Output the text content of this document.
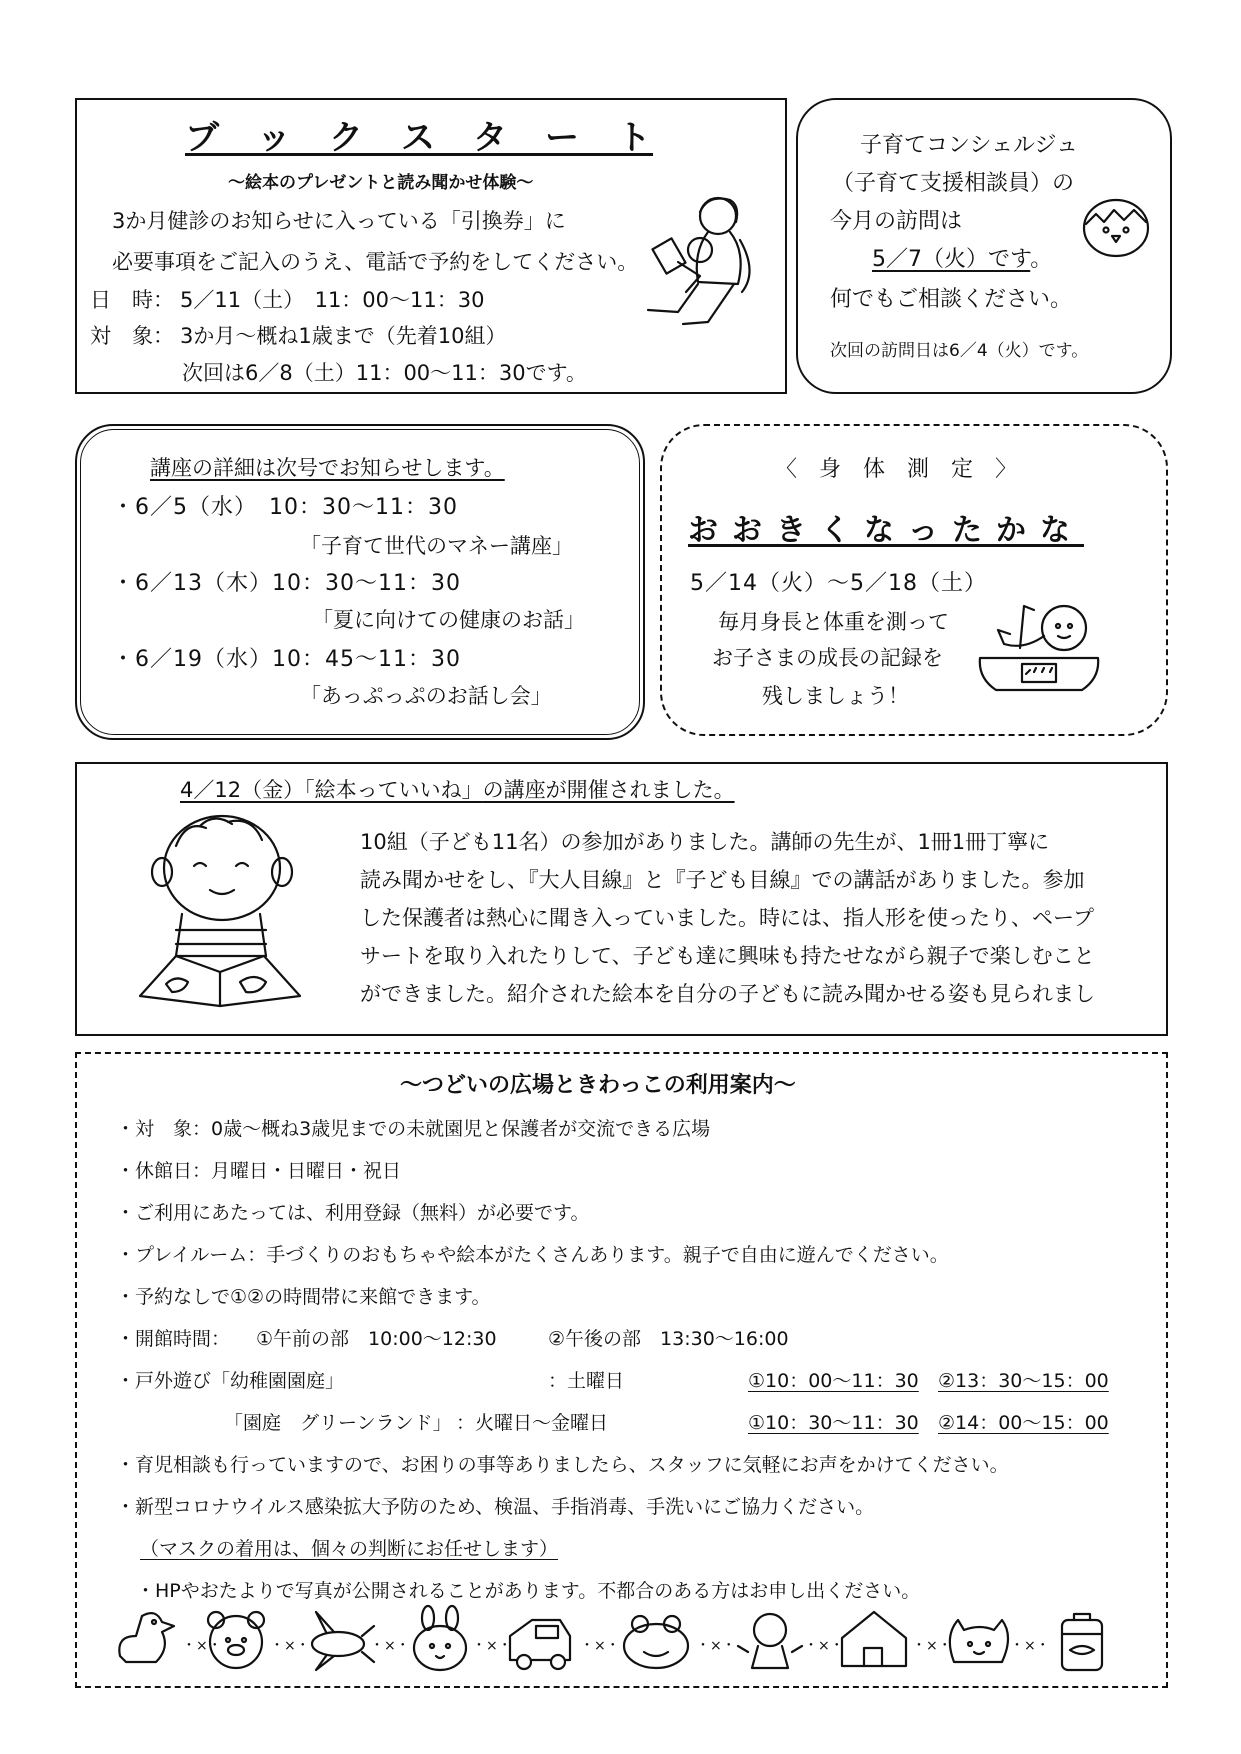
ブ　ッ　ク　ス　タ　ー　ト
～絵本のプレゼントと読み聞かせ体験～
3か月健診のお知らせに入っている「引換券」に
必要事項をご記入のうえ、電話で予約をしてください。
日　時： 5／11（土）　11：00～11：30
対　象： 3か月～概ね1歳まで（先着10組）
次回は6／8（土）11：00～11：30です。
子育てコンシェルジュ
（子育て支援相談員）の
今月の訪問は
5／7（火）です。
何でもご相談ください。
次回の訪問日は6／4（火）です。
講座の詳細は次号でお知らせします。
・6／5（水）　10：30～11：30
「子育て世代のマネー講座」
・6／13（木）10：30～11：30
「夏に向けての健康のお話」
・6／19（水）10：45～11：30
「あっぷっぷのお話し会」
〈　身　体　測　定　〉
おおきくなったかな
5／14（火）～5／18（土）
毎月身長と体重を測って
お子さまの成長の記録を
残しましょう！
4／12（金）「絵本っていいね」の講座が開催されました。
10組（子ども11名）の参加がありました。講師の先生が、1冊1冊丁寧に
読み聞かせをし、『大人目線』と『子ども目線』での講話がありました。参加
した保護者は熱心に聞き入っていました。時には、指人形を使ったり、ペープ
サートを取り入れたりして、子ども達に興味も持たせながら親子で楽しむこと
ができました。紹介された絵本を自分の子どもに読み聞かせる姿も見られまし
～つどいの広場ときわっこの利用案内～
・対　象：0歳～概ね3歳児までの未就園児と保護者が交流できる広場
・休館日：月曜日・日曜日・祝日
・ご利用にあたっては、利用登録（無料）が必要です。
・プレイルーム：手づくりのおもちゃや絵本がたくさんあります。親子で自由に遊んでください。
・予約なしで①②の時間帯に来館できます。
・開館時間： ①午前の部　10:00～12:30	②午後の部　13:30～16:00
・戸外遊び「幼稚園園庭」	：土曜日	①10：00～11：30 ②13：30～15：00
「園庭　グリーンランド」 ：火曜日～金曜日	①10：30～11：30 ②14：00～15：00
・育児相談も行っていますので、お困りの事等ありましたら、スタッフに気軽にお声をかけてください。
・新型コロナウイルス感染拡大予防のため、検温、手指消毒、手洗いにご協力ください。
（マスクの着用は、個々の判断にお任せします）
・HPやおたよりで写真が公開されることがあります。不都合のある方はお申し出ください。
・×・	・×・	・×・	・×・	・×・	・×・	・×・	・×・	・×・
